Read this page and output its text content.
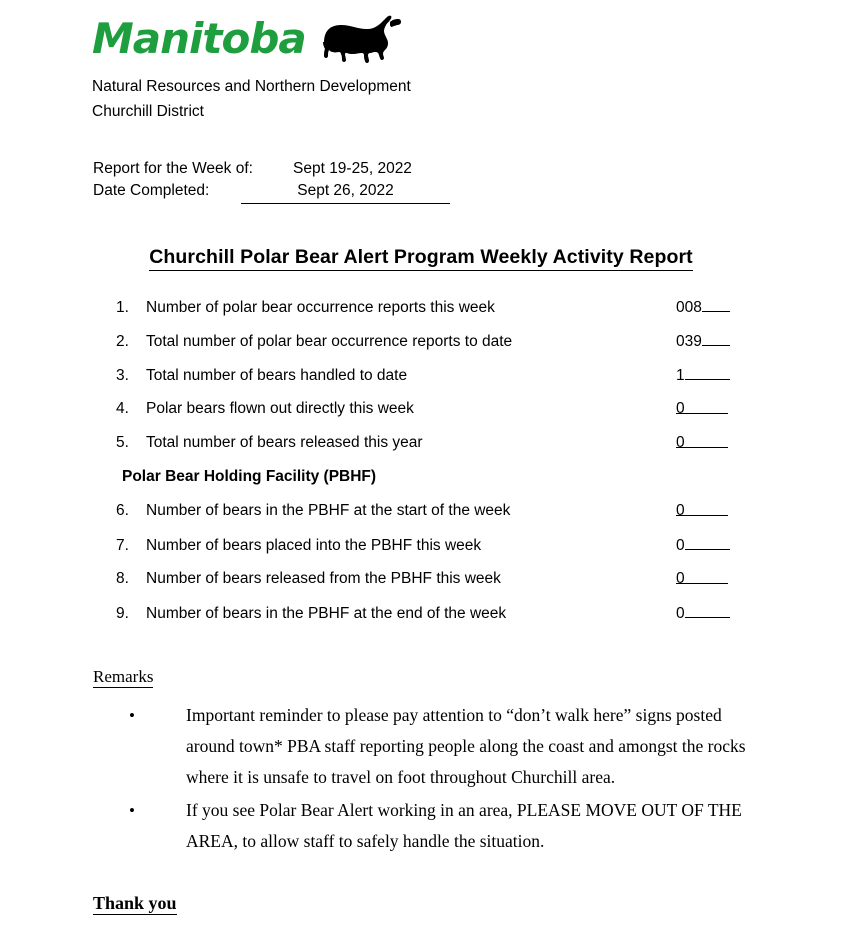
Manitoba
Natural Resources and Northern Development
Churchill District
Report for the Week of:	Sept 19-25, 2022
Date Completed:	Sept 26, 2022
Churchill Polar Bear Alert Program Weekly Activity Report
1.	Number of polar bear occurrence reports this week	008
2.	Total number of polar bear occurrence reports to date	039
3.	Total number of bears handled to date	1
4.	Polar bears flown out directly this week	0
5.	Total number of bears released this year	0
Polar Bear Holding Facility (PBHF)
6.	Number of bears in the PBHF at the start of the week	0
7.	Number of bears placed into the PBHF this week	0
8.	Number of bears released from the PBHF this week	0
9.	Number of bears in the PBHF at the end of the week	0
Remarks
•	Important reminder to please pay attention to “don’t walk here” signs posted around town* PBA staff reporting people along the coast and amongst the rocks where it is unsafe to travel on foot throughout Churchill area.
•	If you see Polar Bear Alert working in an area, PLEASE MOVE OUT OF THE AREA, to allow staff to safely handle the situation.
Thank you
